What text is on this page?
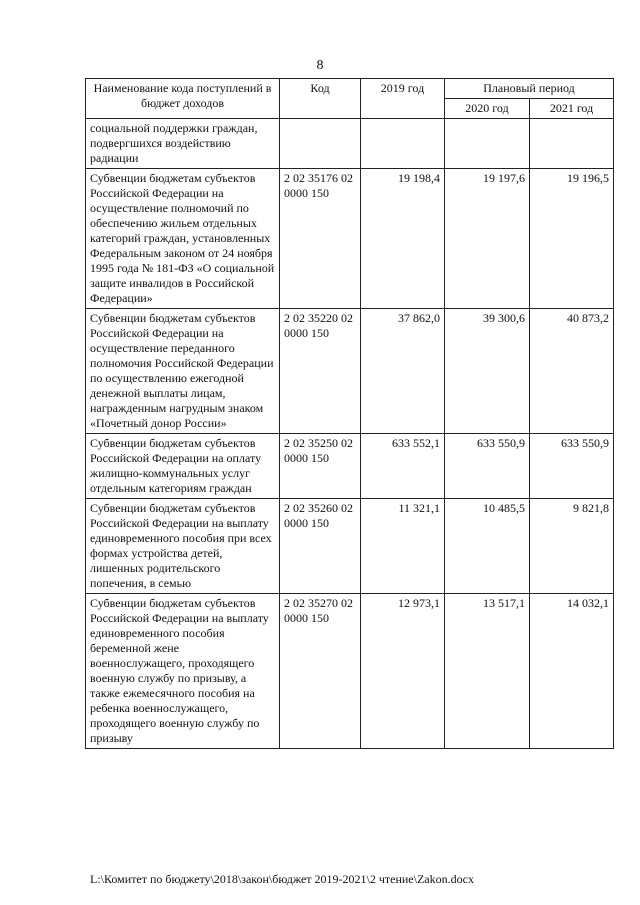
8
Наименование кода поступлений в бюджет доходов	Код	2019 год	Плановый период	
			2020 год	2021 год
социальной поддержки граждан, подвергшихся воздействию радиации				
Субвенции бюджетам субъектов Российской Федерации на осуществление полномочий по обеспечению жильем отдельных категорий граждан, установленных Федеральным законом от 24 ноября 1995 года № 181-ФЗ «О социальной защите инвалидов в Российской Федерации»	2 02 35176 02 0000 150	19 198,4	19 197,6	19 196,5
Субвенции бюджетам субъектов Российской Федерации на осуществление переданного полномочия Российской Федерации по осуществлению ежегодной денежной выплаты лицам, награжденным нагрудным знаком «Почетный донор России»	2 02 35220 02 0000 150	37 862,0	39 300,6	40 873,2
Субвенции бюджетам субъектов Российской Федерации на оплату жилищно-коммунальных услуг отдельным категориям граждан	2 02 35250 02 0000 150	633 552,1	633 550,9	633 550,9
Субвенции бюджетам субъектов Российской Федерации на выплату единовременного пособия при всех формах устройства детей, лишенных родительского попечения, в семью	2 02 35260 02 0000 150	11 321,1	10 485,5	9 821,8
Субвенции бюджетам субъектов Российской Федерации на выплату единовременного пособия беременной жене военнослужащего, проходящего военную службу по призыву, а также ежемесячного пособия на ребенка военнослужащего, проходящего военную службу по призыву	2 02 35270 02 0000 150	12 973,1	13 517,1	14 032,1
L:\Комитет по бюджету\2018\закон\бюджет 2019-2021\2 чтение\Zakon.docx
